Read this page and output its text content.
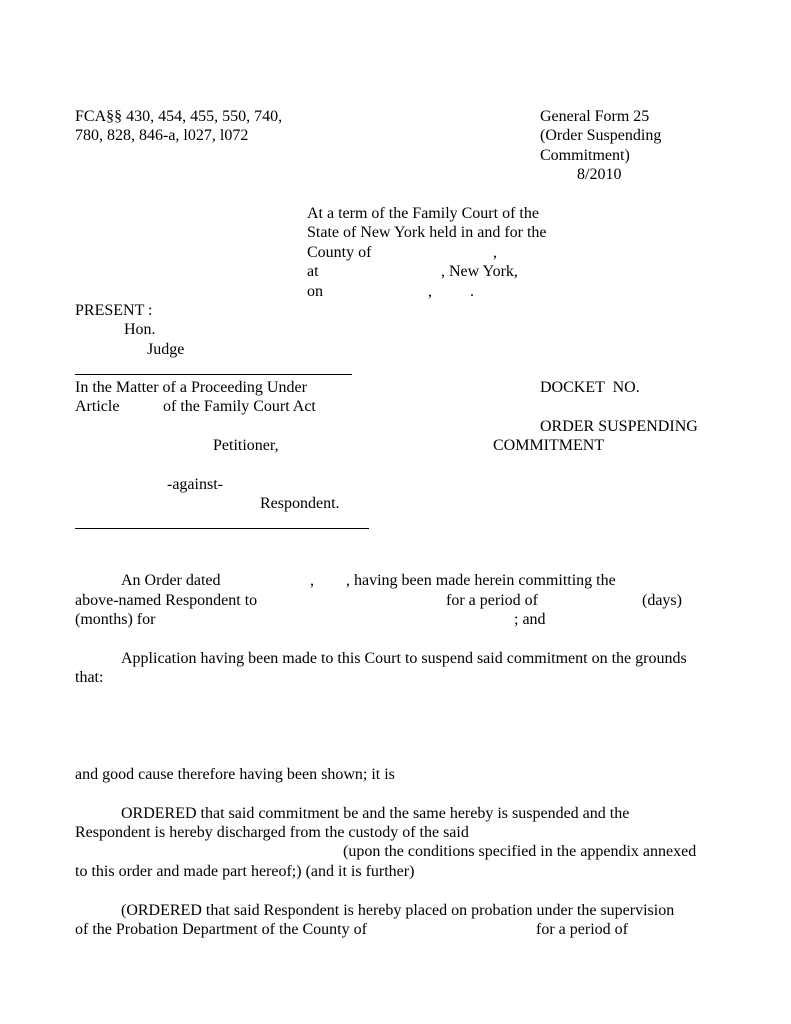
FCA§§ 430, 454, 455, 550, 740,
780, 828, 846-a, l027, l072
General Form 25
(Order Suspending
Commitment)
8/2010
At a term of the Family Court of the
State of New York held in and for the
County of	,
at	, New York,
on	, .
PRESENT :
Hon.
Judge
In the Matter of a Proceeding Under
Article	of the Family Court Act
Petitioner,
-against-
Respondent.
DOCKET  NO.
ORDER SUSPENDING
COMMITMENT
An Order dated	, , having been made herein committing the
above-named Respondent to	for a period of	(days)
(months) for	; and
Application having been made to this Court to suspend said commitment on the grounds
that:
and good cause therefore having been shown; it is
ORDERED that said commitment be and the same hereby is suspended and the
Respondent is hereby discharged from the custody of the said
(upon the conditions specified in the appendix annexed
to this order and made part hereof;) (and it is further)
(ORDERED that said Respondent is hereby placed on probation under the supervision
of the Probation Department of the County of	for a period of
